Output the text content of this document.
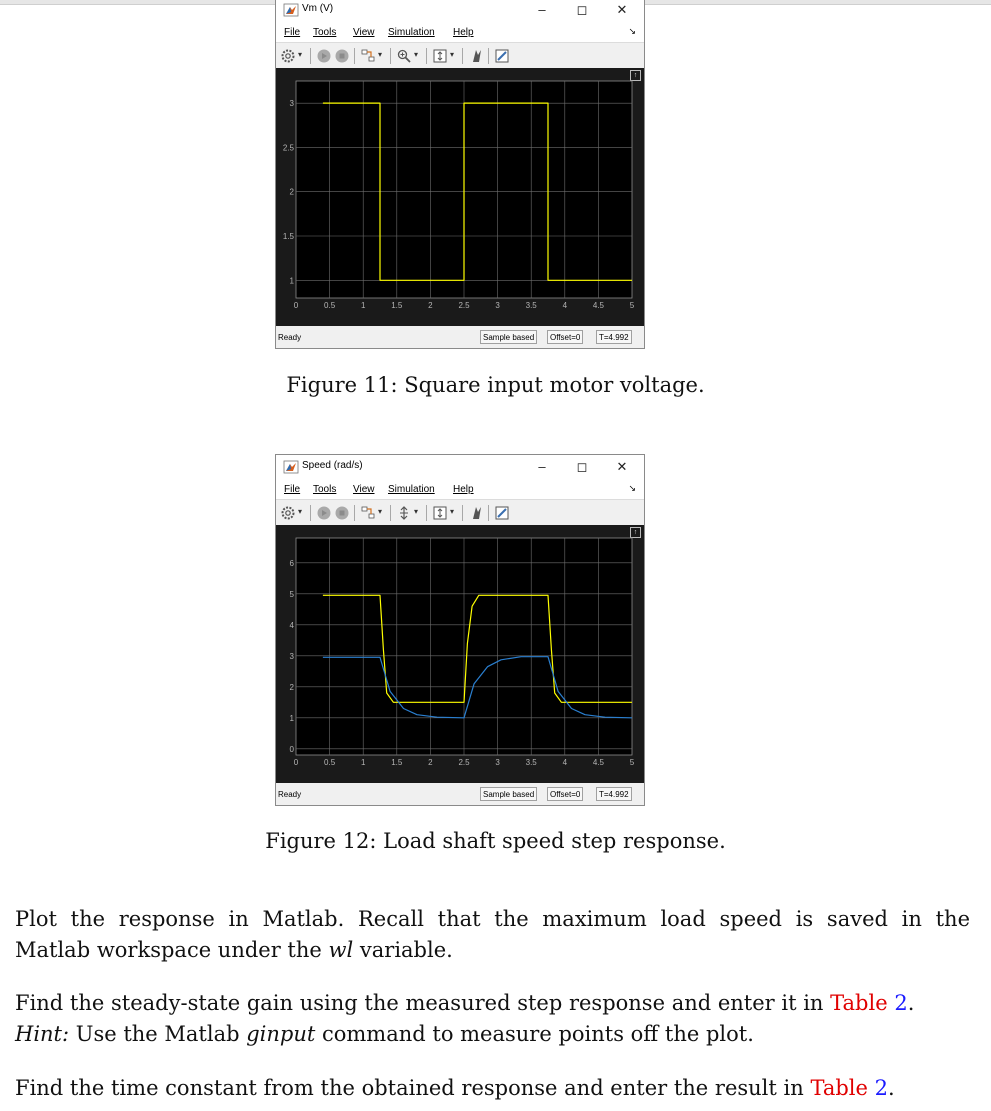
Vm (V)	–	◻	✕
File Tools View Simulation Help	↘
▾	▾	▾	▾
↑
0	0.5	1	1.5	2	2.5	3	3.5	4	4.5	5
1
1.5
2
2.5
3
Ready	Sample based	Offset=0	T=4.992
Figure 11: Square input motor voltage.
Speed (rad/s)	–	◻	✕
File Tools View Simulation Help	↘
▾	▾	▾	▾
↑
0	0.5	1	1.5	2	2.5	3	3.5	4	4.5	5
0
1
2
3
4
5
6
Ready	Sample based	Offset=0	T=4.992
Figure 12: Load shaft speed step response.
Plot the response in Matlab. Recall that the maximum load speed is saved in the
Matlab workspace under the wl variable.
Find the steady-state gain using the measured step response and enter it in Table 2.
Hint: Use the Matlab ginput command to measure points off the plot.
Find the time constant from the obtained response and enter the result in Table 2.
